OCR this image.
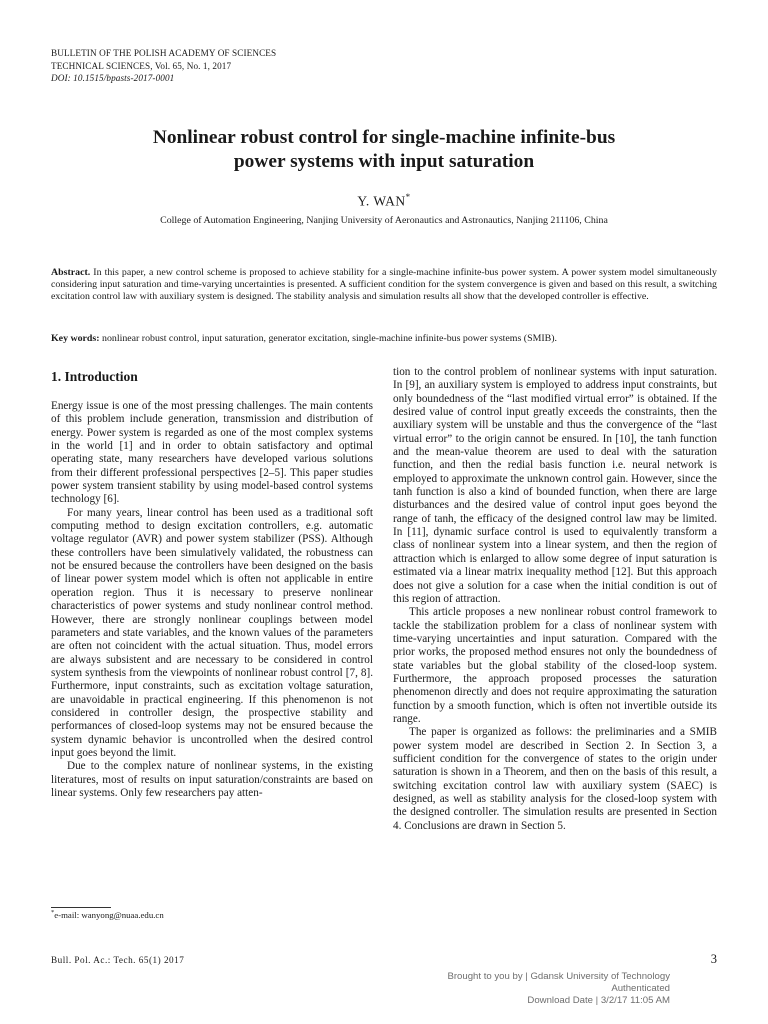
BULLETIN OF THE POLISH ACADEMY OF SCIENCES
TECHNICAL SCIENCES, Vol. 65, No. 1, 2017
DOI: 10.1515/bpasts-2017-0001
Nonlinear robust control for single-machine infinite-bus
power systems with input saturation
Y. WAN*
College of Automation Engineering, Nanjing University of Aeronautics and Astronautics, Nanjing 211106, China
Abstract. In this paper, a new control scheme is proposed to achieve stability for a single-machine infinite-bus power system. A power system model simultaneously considering input saturation and time-varying uncertainties is presented. A sufficient condition for the system convergence is given and based on this result, a switching excitation control law with auxiliary system is designed. The stability analysis and simulation results all show that the developed controller is effective.
Key words: nonlinear robust control, input saturation, generator excitation, single-machine infinite-bus power systems (SMIB).
1. Introduction

Energy issue is one of the most pressing challenges. The main contents of this problem include generation, transmission and distribution of energy. Power system is regarded as one of the most complex systems in the world [1] and in order to obtain satisfactory and optimal operating state, many researchers have developed various solutions from their different professional perspectives [2–5]. This paper studies power system transient stability by using model-based control systems technology [6].

For many years, linear control has been used as a traditional soft computing method to design excitation controllers, e.g. automatic voltage regulator (AVR) and power system stabilizer (PSS). Although these controllers have been simulatively validated, the robustness can not be ensured because the controllers have been designed on the basis of linear power system model which is often not applicable in entire operation region. Thus it is necessary to preserve nonlinear characteristics of power systems and study nonlinear control method. However, there are strongly nonlinear couplings between model parameters and state variables, and the known values of the parameters are often not coincident with the actual situation. Thus, model errors are always subsistent and are necessary to be considered in control system synthesis from the viewpoints of nonlinear robust control [7, 8]. Furthermore, input constraints, such as excitation voltage saturation, are unavoidable in practical engineering. If this phenomenon is not considered in controller design, the prospective stability and performances of closed-loop systems may not be ensured because the system dynamic behavior is uncontrolled when the desired control input goes beyond the limit.

Due to the complex nature of nonlinear systems, in the existing literatures, most of results on input saturation/constraints are based on linear systems. Only few researchers pay atten-

tion to the control problem of nonlinear systems with input saturation. In [9], an auxiliary system is employed to address input constraints, but only boundedness of the “last modified virtual error” is obtained. If the desired value of control input greatly exceeds the constraints, then the auxiliary system will be unstable and thus the convergence of the “last virtual error” to the origin cannot be ensured. In [10], the tanh function and the mean-value theorem are used to deal with the saturation function, and then the redial basis function i.e. neural network is employed to approximate the unknown control gain. However, since the tanh function is also a kind of bounded function, when there are large disturbances and the desired value of control input goes beyond the range of tanh, the efficacy of the designed control law may be limited. In [11], dynamic surface control is used to equivalently transform a class of nonlinear system into a linear system, and then the region of attraction which is enlarged to allow some degree of input saturation is estimated via a linear matrix inequality method [12]. But this approach does not give a solution for a case when the initial condition is out of this region of attraction.

This article proposes a new nonlinear robust control framework to tackle the stabilization problem for a class of nonlinear system with time-varying uncertainties and input saturation. Compared with the prior works, the proposed method ensures not only the boundedness of state variables but the global stability of the closed-loop system. Furthermore, the approach proposed processes the saturation phenomenon directly and does not require approximating the saturation function by a smooth function, which is often not invertible outside its range.

The paper is organized as follows: the preliminaries and a SMIB power system model are described in Section 2. In Section 3, a sufficient condition for the convergence of states to the origin under saturation is shown in a Theorem, and then on the basis of this result, a switching excitation control law with auxiliary system (SAEC) is designed, as well as stability analysis for the closed-loop system with the designed controller. The simulation results are presented in Section 4. Conclusions are drawn in Section 5.

*e-mail: wanyong@nuaa.edu.cn
Bull. Pol. Ac.: Tech. 65(1) 2017	3
Brought to you by | Gdansk University of Technology
Authenticated
Download Date | 3/2/17 11:05 AM
